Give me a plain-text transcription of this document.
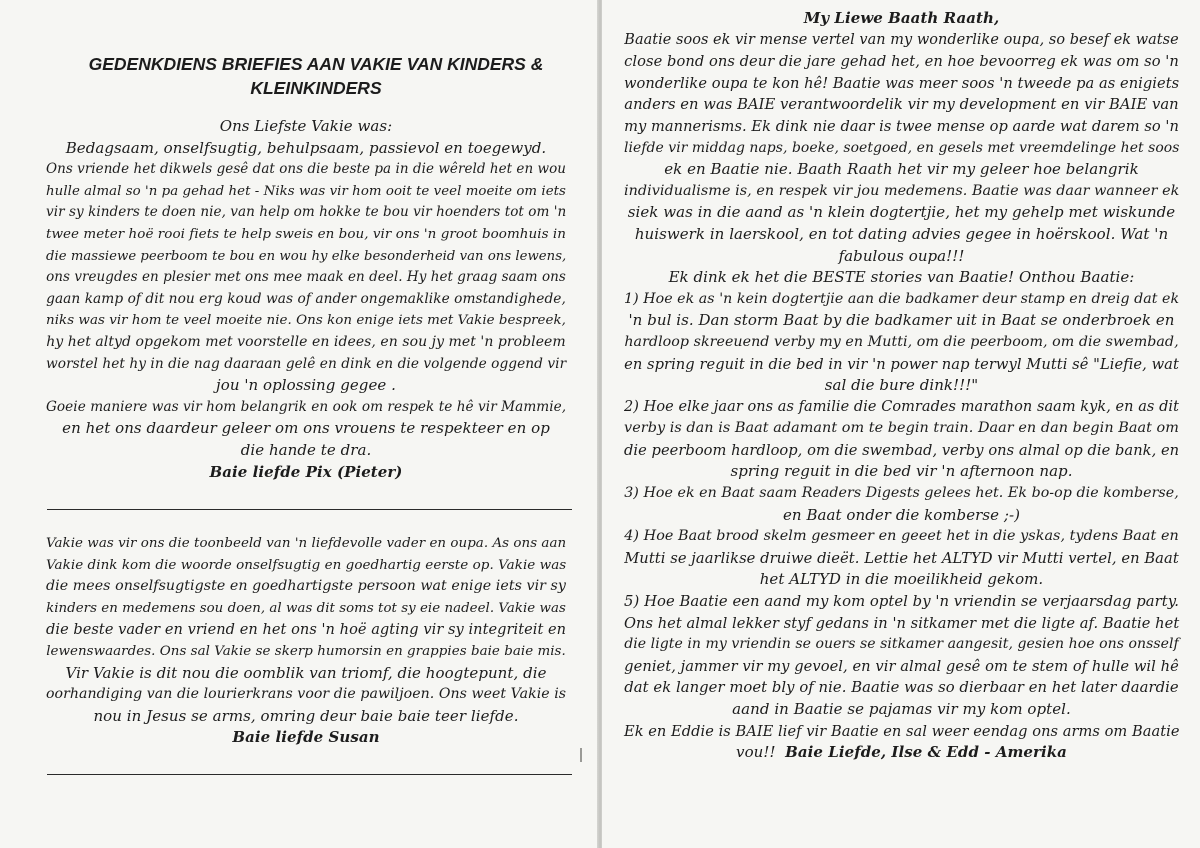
GEDENKDIENS BRIEFIES AAN VAKIE VAN KINDERS &
KLEINKINDERS
Ons Liefste Vakie was:
Bedagsaam, onselfsugtig, behulpsaam, passievol en toegewyd.
Ons vriende het dikwels gesê dat ons die beste pa in die wêreld het en wou
hulle almal so 'n pa gehad het - Niks was vir hom ooit te veel moeite om iets
vir sy kinders te doen nie, van help om hokke te bou vir hoenders tot om 'n
twee meter hoë rooi fiets te help sweis en bou, vir ons 'n groot boomhuis in
die massiewe peerboom te bou en wou hy elke besonderheid van ons lewens,
ons vreugdes en plesier met ons mee maak en deel. Hy het graag saam ons
gaan kamp of dit nou erg koud was of ander ongemaklike omstandighede,
niks was vir hom te veel moeite nie. Ons kon enige iets met Vakie bespreek,
hy het altyd opgekom met voorstelle en idees, en sou jy met 'n probleem
worstel het hy in die nag daaraan gelê en dink en die volgende oggend vir
jou 'n oplossing gegee .
Goeie maniere was vir hom belangrik en ook om respek te hê vir Mammie,
en het ons daardeur geleer om ons vrouens te respekteer en op
die hande te dra.
Baie liefde Pix (Pieter)
Vakie was vir ons die toonbeeld van 'n liefdevolle vader en oupa. As ons aan
Vakie dink kom die woorde onselfsugtig en goedhartig eerste op. Vakie was
die mees onselfsugtigste en goedhartigste persoon wat enige iets vir sy
kinders en medemens sou doen, al was dit soms tot sy eie nadeel. Vakie was
die beste vader en vriend en het ons 'n hoë agting vir sy integriteit en
lewenswaardes. Ons sal Vakie se skerp humorsin en grappies baie baie mis.
Vir Vakie is dit nou die oomblik van triomf, die hoogtepunt, die
oorhandiging van die lourierkrans voor die pawiljoen. Ons weet Vakie is
nou in Jesus se arms, omring deur baie baie teer liefde.
Baie liefde Susan
My Liewe Baath Raath,
Baatie soos ek vir mense vertel van my wonderlike oupa, so besef ek watse
close bond ons deur die jare gehad het, en hoe bevoorreg ek was om so 'n
wonderlike oupa te kon hê! Baatie was meer soos 'n tweede pa as enigiets
anders en was BAIE verantwoordelik vir my development en vir BAIE van
my mannerisms. Ek dink nie daar is twee mense op aarde wat darem so 'n
liefde vir middag naps, boeke, soetgoed, en gesels met vreemdelinge het soos
ek en Baatie nie. Baath Raath het vir my geleer hoe belangrik
individualisme is, en respek vir jou medemens. Baatie was daar wanneer ek
siek was in die aand as 'n klein dogtertjie, het my gehelp met wiskunde
huiswerk in laerskool, en tot dating advies gegee in hoërskool. Wat 'n
fabulous oupa!!!
Ek dink ek het die BESTE stories van Baatie! Onthou Baatie:
1) Hoe ek as 'n kein dogtertjie aan die badkamer deur stamp en dreig dat ek
'n bul is. Dan storm Baat by die badkamer uit in Baat se onderbroek en
hardloop skreeuend verby my en Mutti, om die peerboom, om die swembad,
en spring reguit in die bed in vir 'n power nap terwyl Mutti sê "Liefie, wat
sal die bure dink!!!"
2) Hoe elke jaar ons as familie die Comrades marathon saam kyk, en as dit
verby is dan is Baat adamant om te begin train. Daar en dan begin Baat om
die peerboom hardloop, om die swembad, verby ons almal op die bank, en
spring reguit in die bed vir 'n afternoon nap.
3) Hoe ek en Baat saam Readers Digests gelees het. Ek bo-op die komberse,
en Baat onder die komberse ;-)
4) Hoe Baat brood skelm gesmeer en geeet het in die yskas, tydens Baat en
Mutti se jaarlikse druiwe dieët. Lettie het ALTYD vir Mutti vertel, en Baat
het ALTYD in die moeilikheid gekom.
5) Hoe Baatie een aand my kom optel by 'n vriendin se verjaarsdag party.
Ons het almal lekker styf gedans in 'n sitkamer met die ligte af. Baatie het
die ligte in my vriendin se ouers se sitkamer aangesit, gesien hoe ons onsself
geniet, jammer vir my gevoel, en vir almal gesê om te stem of hulle wil hê
dat ek langer moet bly of nie. Baatie was so dierbaar en het later daardie
aand in Baatie se pajamas vir my kom optel.
Ek en Eddie is BAIE lief vir Baatie en sal weer eendag ons arms om Baatie
vou!! Baie Liefde, Ilse & Edd - Amerika
